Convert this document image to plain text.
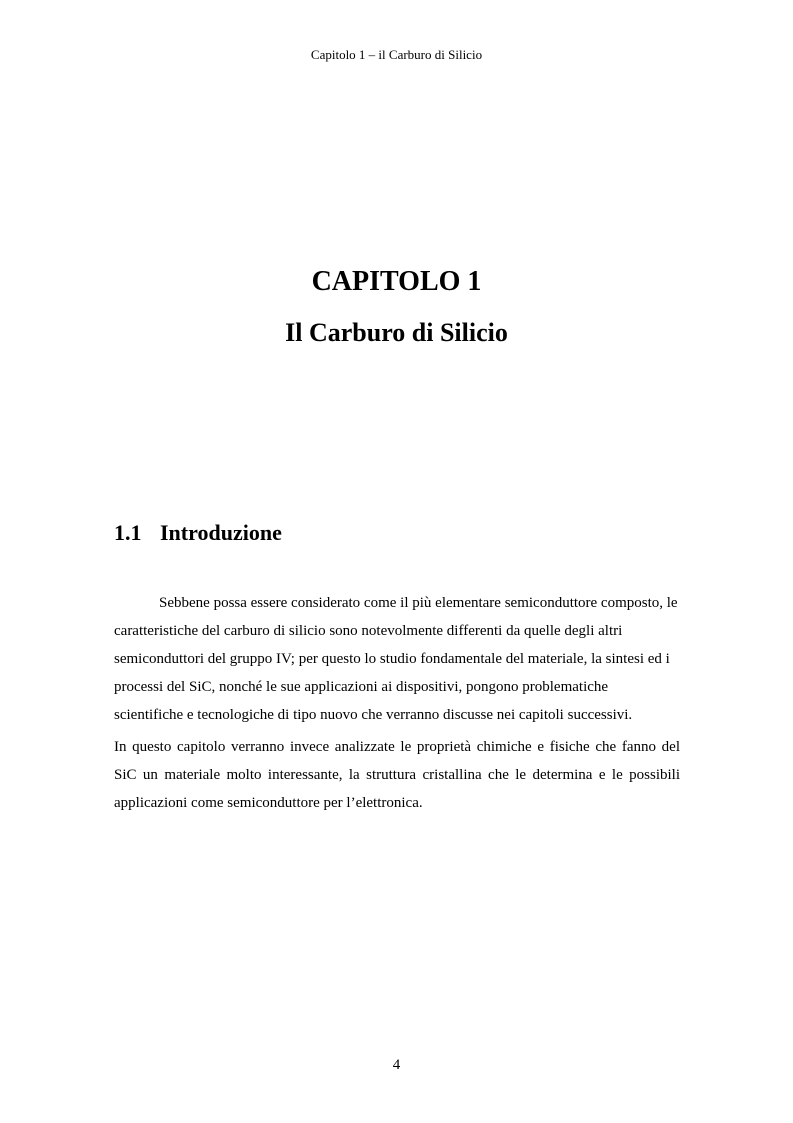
Capitolo 1 – il Carburo di Silicio
CAPITOLO 1
Il Carburo di Silicio
1.1 Introduzione

Sebbene possa essere considerato come il più elementare semiconduttore composto, le caratteristiche del carburo di silicio sono notevolmente differenti da quelle degli altri semiconduttori del gruppo IV; per questo lo studio fondamentale del materiale, la sintesi ed i processi del SiC, nonché le sue applicazioni ai dispositivi, pongono problematiche scientifiche e tecnologiche di tipo nuovo che verranno discusse nei capitoli successivi.

In questo capitolo verranno invece analizzate le proprietà chimiche e fisiche che fanno del SiC un materiale molto interessante, la struttura cristallina che le determina e le possibili applicazioni come semiconduttore per l’elettronica.

4
